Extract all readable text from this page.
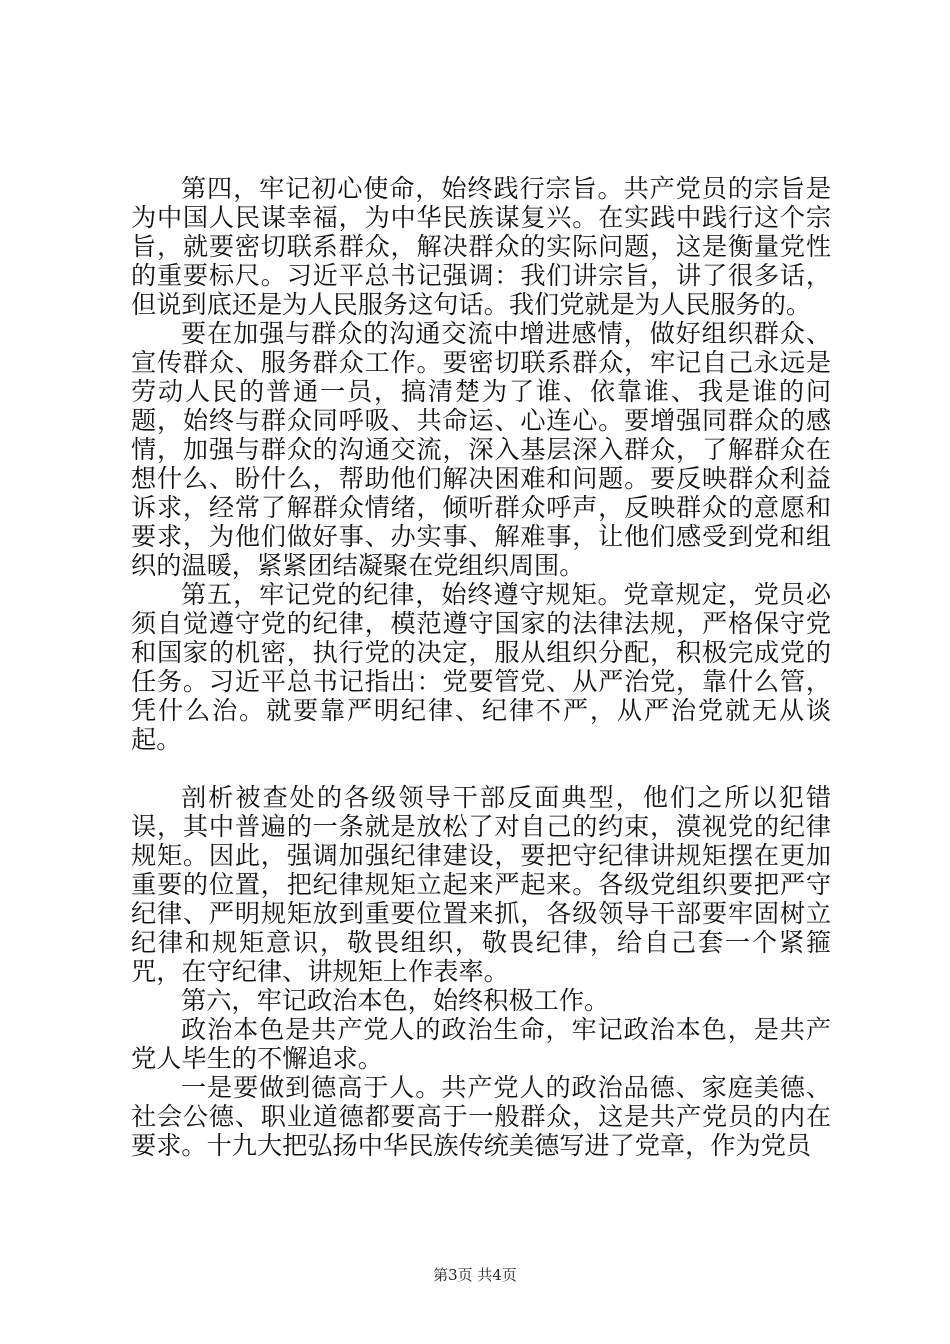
第四，牢记初心使命，始终践行宗旨。共产党员的宗旨是为中国人民谋幸福，为中华民族谋复兴。在实践中践行这个宗旨，就要密切联系群众，解决群众的实际问题，这是衡量党性的重要标尺。习近平总书记强调：我们讲宗旨，讲了很多话，但说到底还是为人民服务这句话。我们党就是为人民服务的。

要在加强与群众的沟通交流中增进感情，做好组织群众、宣传群众、服务群众工作。要密切联系群众，牢记自己永远是劳动人民的普通一员，搞清楚为了谁、依靠谁、我是谁的问题，始终与群众同呼吸、共命运、心连心。要增强同群众的感情，加强与群众的沟通交流，深入基层深入群众，了解群众在想什么、盼什么，帮助他们解决困难和问题。要反映群众利益诉求，经常了解群众情绪，倾听群众呼声，反映群众的意愿和要求，为他们做好事、办实事、解难事，让他们感受到党和组织的温暖，紧紧团结凝聚在党组织周围。

第五，牢记党的纪律，始终遵守规矩。党章规定，党员必须自觉遵守党的纪律，模范遵守国家的法律法规，严格保守党和国家的机密，执行党的决定，服从组织分配，积极完成党的任务。习近平总书记指出：党要管党、从严治党，靠什么管，凭什么治。就要靠严明纪律、纪律不严，从严治党就无从谈起。

剖析被查处的各级领导干部反面典型，他们之所以犯错误，其中普遍的一条就是放松了对自己的约束，漠视党的纪律规矩。因此，强调加强纪律建设，要把守纪律讲规矩摆在更加重要的位置，把纪律规矩立起来严起来。各级党组织要把严守纪律、严明规矩放到重要位置来抓，各级领导干部要牢固树立纪律和规矩意识，敬畏组织，敬畏纪律，给自己套一个紧箍咒，在守纪律、讲规矩上作表率。

第六，牢记政治本色，始终积极工作。

政治本色是共产党人的政治生命，牢记政治本色，是共产党人毕生的不懈追求。

一是要做到德高于人。共产党人的政治品德、家庭美德、社会公德、职业道德都要高于一般群众，这是共产党员的内在要求。十九大把弘扬中华民族传统美德写进了党章，作为党员

第3页 共4页
